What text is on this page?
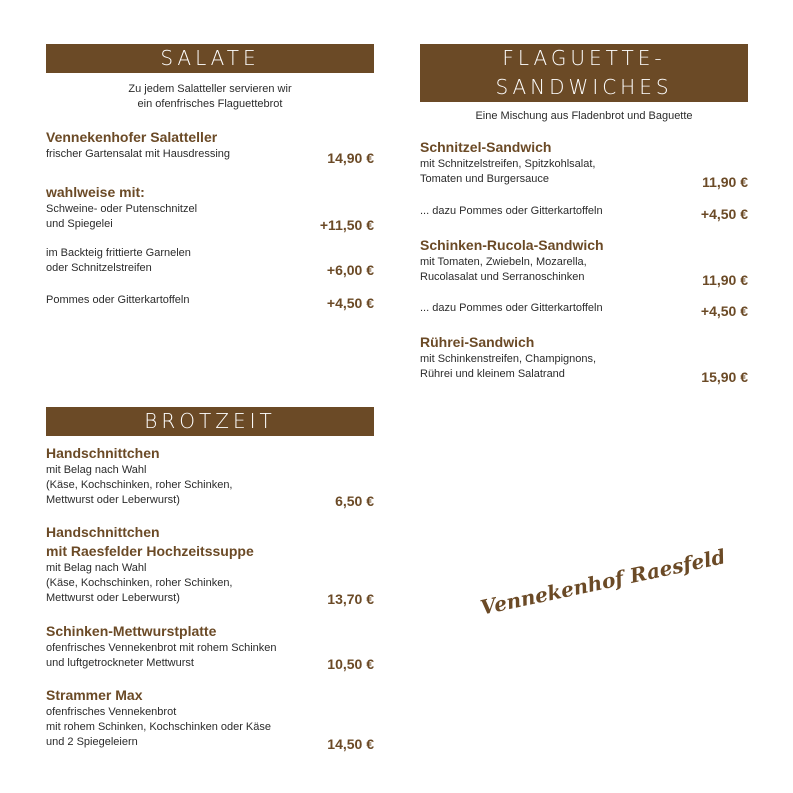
SALATE
Zu jedem Salatteller servieren wir
ein ofenfrisches Flaguettebrot
Vennekenhofer Salatteller
frischer Gartensalat mit Hausdressing	14,90 €
wahlweise mit:
Schweine- oder Putenschnitzel
und Spiegelei	+11,50 €
im Backteig frittierte Garnelen
oder Schnitzelstreifen	+6,00 €
Pommes oder Gitterkartoffeln	+4,50 €
BROTZEIT
Handschnittchen
mit Belag nach Wahl
(Käse, Kochschinken, roher Schinken,
Mettwurst oder Leberwurst)	6,50 €
Handschnittchen
mit Raesfelder Hochzeitssuppe
mit Belag nach Wahl
(Käse, Kochschinken, roher Schinken,
Mettwurst oder Leberwurst)	13,70 €
Schinken-Mettwurstplatte
ofenfrisches Vennekenbrot mit rohem Schinken
und luftgetrockneter Mettwurst	10,50 €
Strammer Max
ofenfrisches Vennekenbrot
mit rohem Schinken, Kochschinken oder Käse
und 2 Spiegeleiern	14,50 €
FLAGUETTE-
SANDWICHES
Eine Mischung aus Fladenbrot und Baguette
Schnitzel-Sandwich
mit Schnitzelstreifen, Spitzkohlsalat,
Tomaten und Burgersauce	11,90 €
... dazu Pommes oder Gitterkartoffeln	+4,50 €
Schinken-Rucola-Sandwich
mit Tomaten, Zwiebeln, Mozarella,
Rucolasalat und Serranoschinken	11,90 €
... dazu Pommes oder Gitterkartoffeln	+4,50 €
Rührei-Sandwich
mit Schinkenstreifen, Champignons,
Rührei und kleinem Salatrand	15,90 €
Vennekenhof Raesfeld
